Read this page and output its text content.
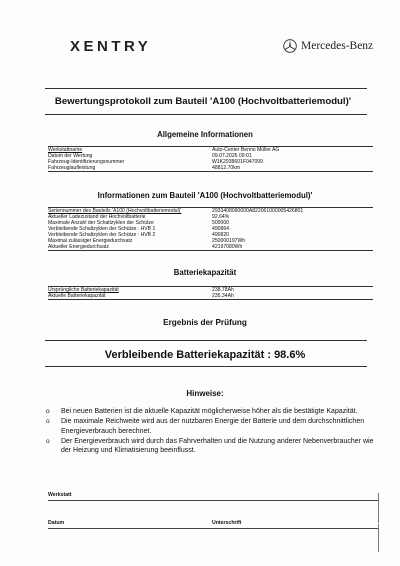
XENTRY	Mercedes-Benz
Bewertungsprotokoll zum Bauteil 'A100 (Hochvoltbatteriemodul)'
Allgemeine Informationen
Werkstattname	Auto-Center Benno Müller AG
Datum der Wertung	09.07.2026 09:01
Fahrzeug-Identifizierungsnummer	W1K2938601F047099
Fahrzeuglaufleistung	48812.70km
Informationen zum Bauteil 'A100 (Hochvoltbatteriemodul)'
Seriennummer des Bauteils 'A100 (Hochvoltbatteriemodul)'	2933408090000A822061000005426801
Aktueller Ladezustand der Hochvoltbatterie	92.64%
Maximale Anzahl der Schaltzyklen der Schütze	500000
Verbleibende Schaltzyklen der Schütze : HVB 1	490864
Verbleibende Schaltzyklen der Schütze : HVB 2	490820
Maximal zulässiger Energiedurchsatz	250000197Wh
Aktueller Energiedurchsatz	42197080Wh
Batteriekapazität
Ursprüngliche Batteriekapazität	238.78Ah
Aktuelle Batteriekapazität	235.34Ah
Ergebnis der Prüfung
Verbleibende Batteriekapazität : 98.6%
Hinweise:
o Bei neuen Batterien ist die aktuelle Kapazität möglicherweise höher als die bestätigte Kapazität.
o Die maximale Reichweite wird aus der nutzbaren Energie der Batterie und dem durchschnittlichen Energieverbrauch berechnet.
o Der Energieverbrauch wird durch das Fahrverhalten und die Nutzung anderer Nebenverbraucher wie der Heizung und Klimatisierung beeinflusst.
Werkstatt
Datum	Unterschrift
